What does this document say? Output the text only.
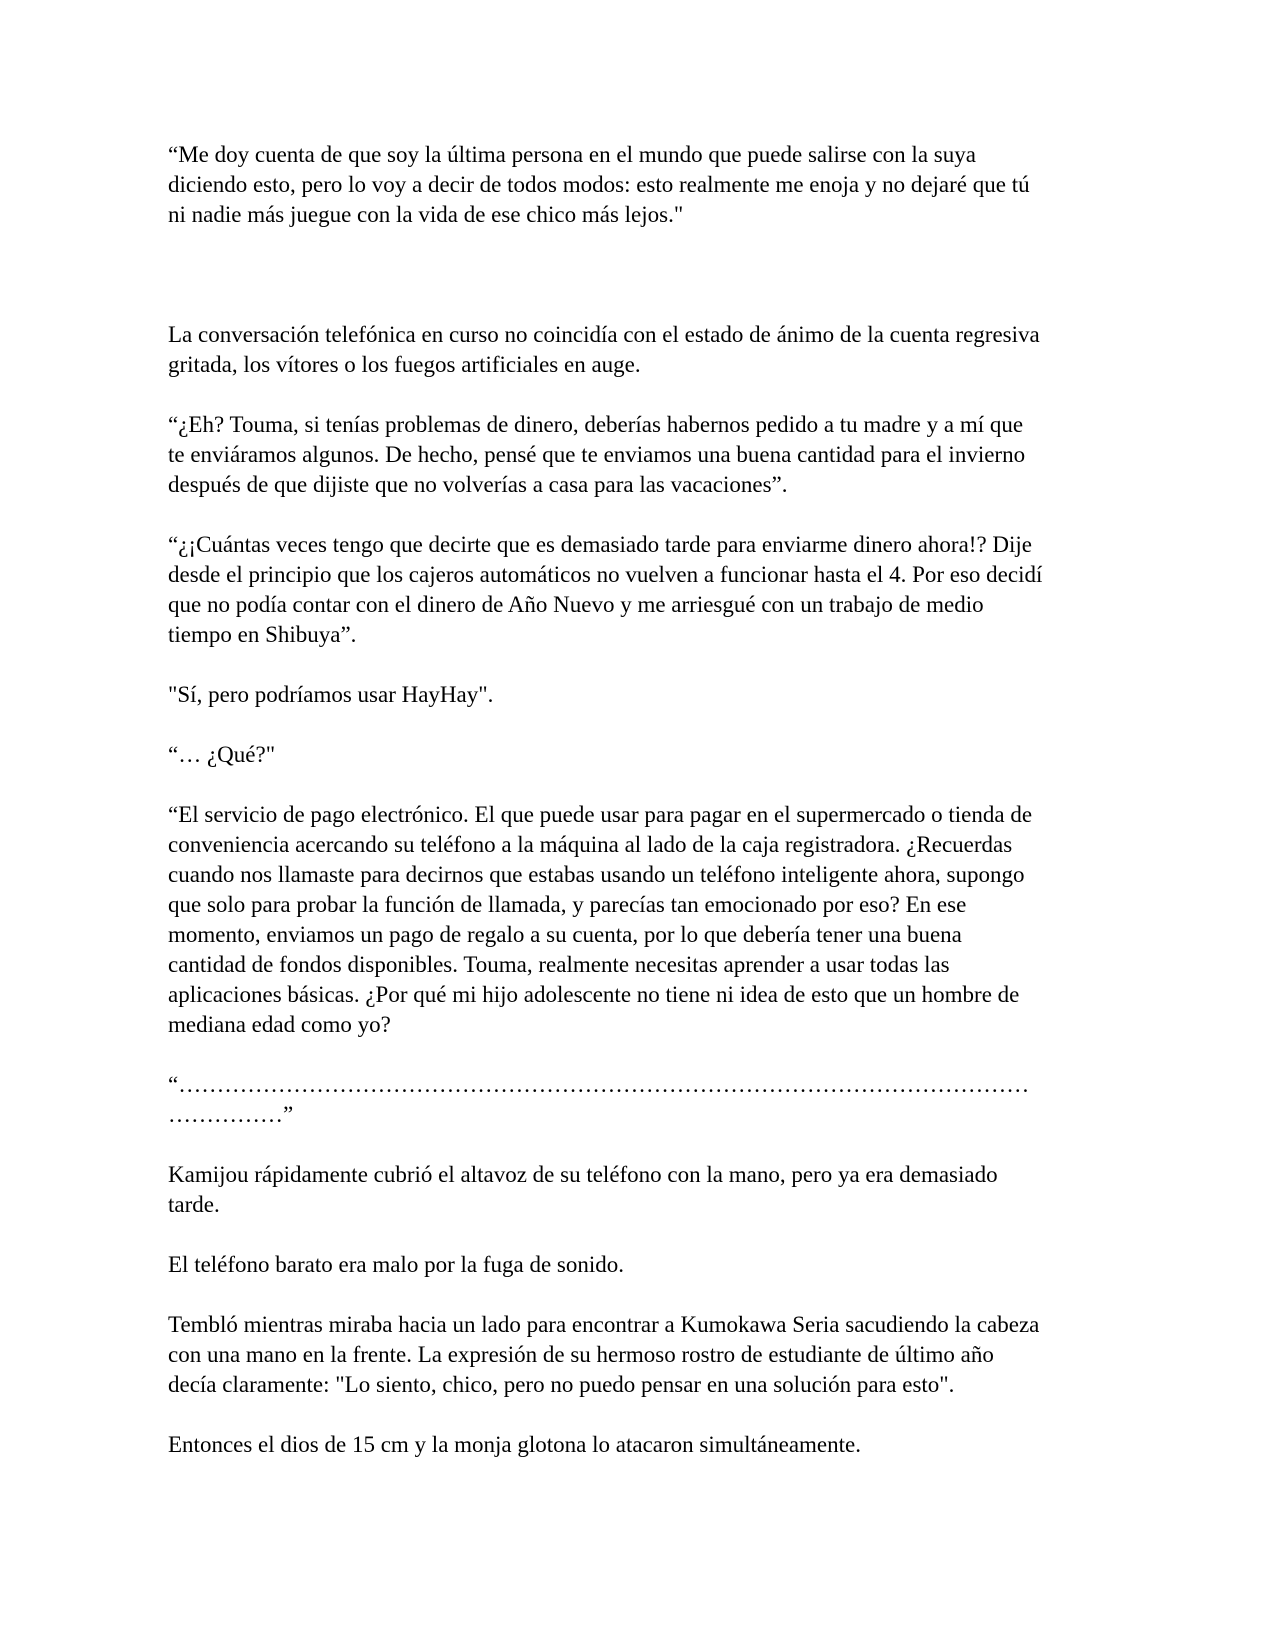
“Me doy cuenta de que soy la última persona en el mundo que puede salirse con la suya diciendo esto, pero lo voy a decir de todos modos: esto realmente me enoja y no dejaré que tú ni nadie más juegue con la vida de ese chico más lejos."

La conversación telefónica en curso no coincidía con el estado de ánimo de la cuenta regresiva gritada, los vítores o los fuegos artificiales en auge.

“¿Eh? Touma, si tenías problemas de dinero, deberías habernos pedido a tu madre y a mí que te enviáramos algunos. De hecho, pensé que te enviamos una buena cantidad para el invierno después de que dijiste que no volverías a casa para las vacaciones”.

“¿¡Cuántas veces tengo que decirte que es demasiado tarde para enviarme dinero ahora!? Dije desde el principio que los cajeros automáticos no vuelven a funcionar hasta el 4. Por eso decidí que no podía contar con el dinero de Año Nuevo y me arriesgué con un trabajo de medio tiempo en Shibuya”.

"Sí, pero podríamos usar HayHay".

“… ¿Qué?"

“El servicio de pago electrónico. El que puede usar para pagar en el supermercado o tienda de conveniencia acercando su teléfono a la máquina al lado de la caja registradora. ¿Recuerdas cuando nos llamaste para decirnos que estabas usando un teléfono inteligente ahora, supongo que solo para probar la función de llamada, y parecías tan emocionado por eso? En ese momento, enviamos un pago de regalo a su cuenta, por lo que debería tener una buena cantidad de fondos disponibles. Touma, realmente necesitas aprender a usar todas las aplicaciones básicas. ¿Por qué mi hijo adolescente no tiene ni idea de esto que un hombre de mediana edad como yo?

“………………………………………………………………………………………………………………”

Kamijou rápidamente cubrió el altavoz de su teléfono con la mano, pero ya era demasiado tarde.

El teléfono barato era malo por la fuga de sonido.

Tembló mientras miraba hacia un lado para encontrar a Kumokawa Seria sacudiendo la cabeza con una mano en la frente. La expresión de su hermoso rostro de estudiante de último año decía claramente: "Lo siento, chico, pero no puedo pensar en una solución para esto".

Entonces el dios de 15 cm y la monja glotona lo atacaron simultáneamente.
